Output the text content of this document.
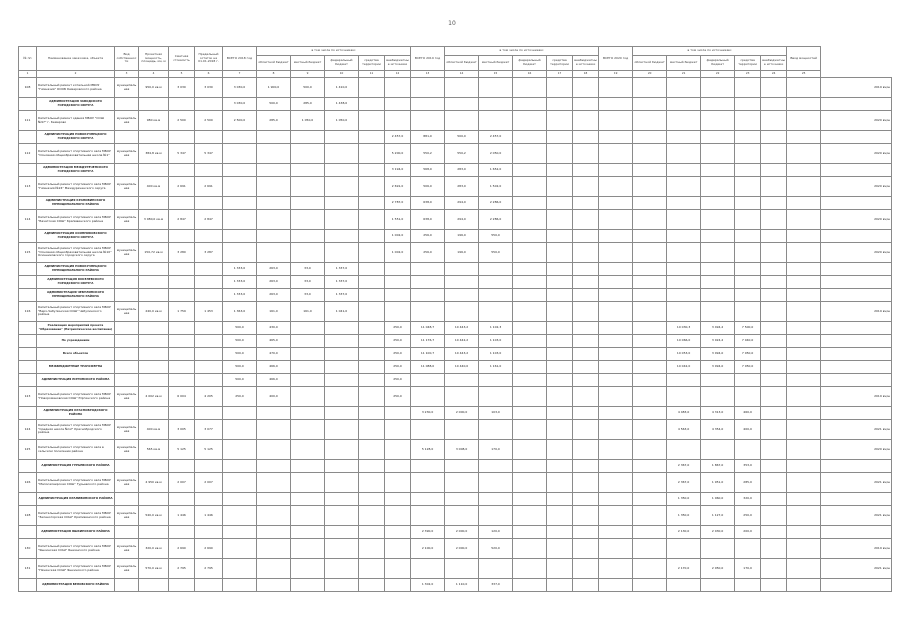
10
№ пп	Наименование заказчика, объекта	Вид собственности	Проектная мощность, площадь, км, м	Сметная стоимость	Предельный остаток на 01.01.2018 г.	ВСЕГО 2018 год	в том числе по источникам:					ВСЕГО 2019 год	в том числе по источникам:					ВСЕГО 2020 год	в том числе по источникам:					Ввод мощностей	
							областной бюджет	местный бюджет	федеральный бюджет	средства территории	внебюджетные источники		областной бюджет	местный бюджет	федеральный бюджет	средства территории	внебюджетные источники		областной бюджет	местный бюджет	федеральный бюджет	средства территории	внебюджетные источники		
1	2	3	4	5	6	7	8	9	10	11	12	13	14	15	16	17	18	19	20	21	22	23	24	25	
108	Капитальный ремонт котельной МБОУ "Гимназия" ОООБ Кемеровского района	муниципальная	950,0 кв.м	3 030	3 030	3 030,0	1 900,0	500,0	1 410,0																2019 вч/ш
	АДМИНИСТРАЦИЯ ЗАВОДСКОГО ГОРОДСКОГО ОКРУГА					3 030,0	500,0	285,0	1 438,0																
111	Капитальный ремонт здания МБОУ "СОШ №97" г. Кемерово	муниципальная	980 кв.м	2 500	2 500	2 500,0	285,0	1 050,0	1 050,0																2020 вч/ш
	АДМИНИСТРАЦИЯ НОВОКУЗНЕЦКОГО ГОРОДСКОГО ОКРУГА										2 457,0	881,0	500,0	2 457,0											
112	Капитальный ремонт спортивного зала МБОУ "Основная общеобразовательная школа №1"	муниципальная	384,8 кв.м	5 347	5 347						5 200,0	550,2	550,2	2 050,0											2020 вч/ш
	АДМИНИСТРАЦИЯ МЕЖДУРЕЧЕНСКОГО ГОРОДСКОГО ОКРУГА										3 194,0	568,0	283,0	1 652,0											
113	Капитальный ремонт спортивного зала МБОУ "Гимназия №24" Междуреченского округа	муниципальная	400 кв.м	2 691	2 691						2 691,0	506,0	283,0	1 502,0											2020 вч/ш
	АДМИНИСТРАЦИЯ КРАПИВИНСКОГО МУНИЦИПАЛЬНОГО РАЙОНА										2 787,0	638,0	294,0	2 286,0											
114	Капитальный ремонт спортивного зала МБОУ "Бачатская СОШ" Крапивинского района	муниципальная	3 080,0 кв.м	2 847	2 847						1 551,0	638,0	294,0	2 286,0											2020 вч/ш
	АДМИНИСТРАЦИЯ ОСИННИКОВСКОГО ГОРОДСКОГО ОКРУГА										1 002,0	256,0	196,0	550,0											
115	Капитальный ремонт спортивного зала МБОУ "Основная общеобразовательная школа №10" Осинниковского городского округа	муниципальная	150,72 кв.м	3 280	3 287						1 002,0	256,0	196,0	550,0											2020 вч/ш
	АДМИНИСТРАЦИЯ НОВОКУЗНЕЦКОГО МУНИЦИПАЛЬНОГО РАЙОНА					1 333,0	263,0	33,0	1 337,0																
	АДМИНИСТРАЦИЯ КИСЕЛЕВСКОГО ГОРОДСКОГО ОКРУГА					1 333,0	263,0	33,0	1 337,0																
	АДМИНИСТРАЦИЯ ЧЕБУЛИНСКОГО МУНИЦИПАЛЬНОГО РАЙОНА					1 333,0	263,0	33,0	1 337,0																
116	Капитальный ремонт спортивного зала МБОУ "Верх-Чебулинская СОШ" Чебулинского района	муниципальная	240,0 кв.м	1 759	1 453	1 363,0	161,0	161,0	1 041,0																2019 вч/ш
	Реализация мероприятий проекта "Образование" (Патриотическое воспитание)					500,0	430,0				250,0	11 048,7	10 443,2	1 102,3						10 030,3	3 494,2	7 500,0			
	По учреждениям					500,0	465,0				250,0	11 176,7	10 442,2	1 103,0						10 066,0	3 024,2	7 040,0			
	Всего объектов					500,0	470,0				250,0	11 100,7	10 443,2	1 103,0						10 053,0	3 094,0	7 050,0			
	МЕЖБЮДЖЕТНЫЕ ТРАНСФЕРТЫ					500,0	466,0				250,0	11 088,0	10 440,0	1 161,0						10 042,0	3 094,0	7 050,0			
	АДМИНИСТРАЦИЯ ЮРГИНСКОГО РАЙОНА					500,0	466,0				250,0														
123	Капитальный ремонт спортивного зала МБОУ "Новоромановская СОШ" Юргинского района	муниципальная	4 002 кв.м	6 004	4 205	250,0	400,0				250,0														2019 вч/ш
	АДМИНИСТРАЦИЯ КРАСНОБРОДСКОГО РАЙОНА											3 230,0	2 000,0	103,0						4 483,0	4 313,0	460,0			
124	Капитальный ремонт спортивного зала МБОУ "Средняя школа №12" Краснобродского района	муниципальная	400 кв.м	3 005	3 077															4 563,0	4 354,0	400,0			2021 вч/ш
125	Капитальный ремонт спортивного зала в сельском поселении района	муниципальная	565 кв.м	5 125	5 125							5 128,0	3 008,0	170,0											2020 вч/ш
	АДМИНИСТРАЦИЯ ГУРЬЕВСКОГО РАЙОНА																			2 367,0	1 867,0	353,0			
126	Капитальный ремонт спортивного зала МБОУ "Малосалаирская СОШ" Гурьевского района	муниципальная	4 950 кв.м	2 007	2 007															2 367,0	1 951,0	285,0			2021 вч/ш
	АДМИНИСТРАЦИЯ КРАПИВИНСКОГО РАЙОНА																			1 350,0	1 060,0	320,0			
128	Капитальный ремонт спортивного зала МБОУ "Зеленогорская СОШ" Крапивинского района	муниципальная	540,0 кв.м	1 446	1 446															1 350,0	1 127,0	250,0			2021 вч/ш
	АДМИНИСТРАЦИЯ ЯШКИНСКОГО РАЙОНА											2 390,0	2 000,0	120,0						2 130,0	2 030,0	200,0			
130	Капитальный ремонт спортивного зала МБОУ "Яшкинская СОШ" Яшкинского района	муниципальная	320,0 кв.м	2 690	2 690							2 100,0	2 000,0	520,0											2019 вч/ш
131	Капитальный ремонт спортивного зала МБОУ "Пачинская СОШ" Яшкинского района	муниципальная	570,0 кв.м	2 795	2 795															2 170,0	2 050,0	170,0			2021 вч/ш
	АДМИНИСТРАЦИЯ БЕЛОВСКОГО РАЙОНА											1 302,0	1 110,0	337,0											
